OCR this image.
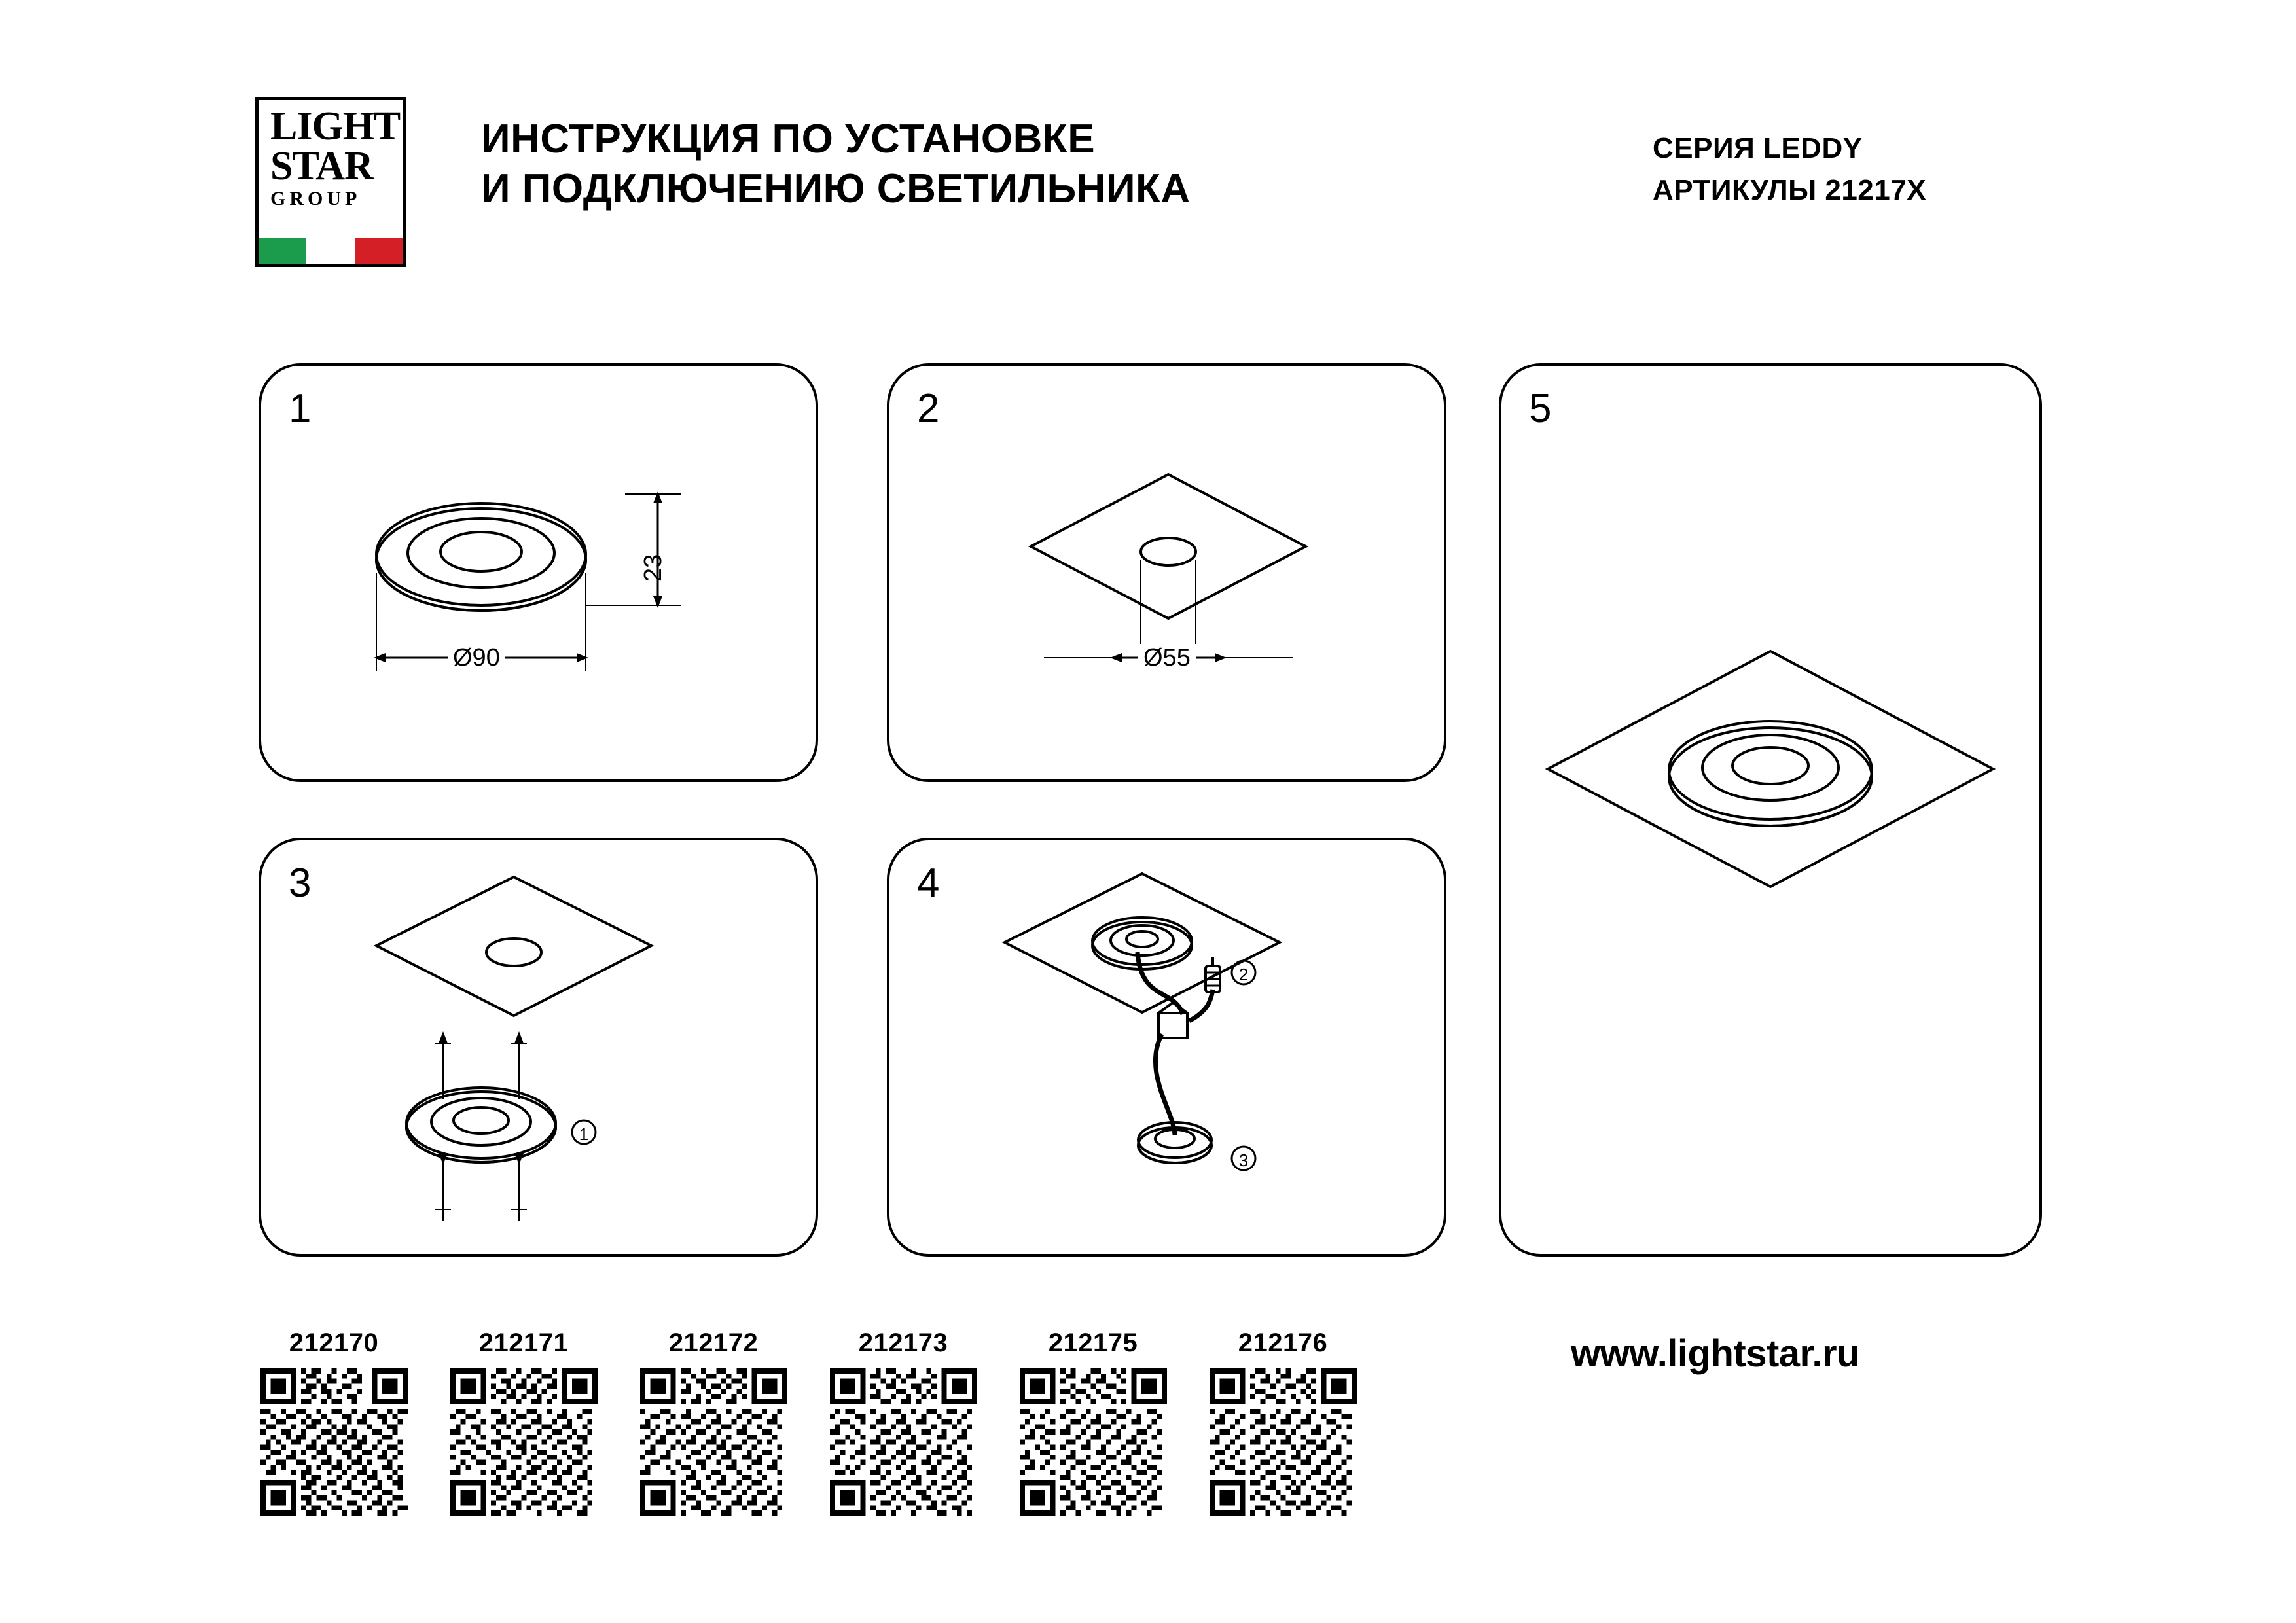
LIGHT
STAR
GROUP
ИНСТРУКЦИЯ ПО УСТАНОВКЕ
И ПОДКЛЮЧЕНИЮ СВЕТИЛЬНИКА
СЕРИЯ LEDDY
АРТИКУЛЫ 21217X
1
23
Ø90
2
Ø55
3
1
4
2
3
5
212170	212171	212172	212173	212175	212176	www.lightstar.ru
